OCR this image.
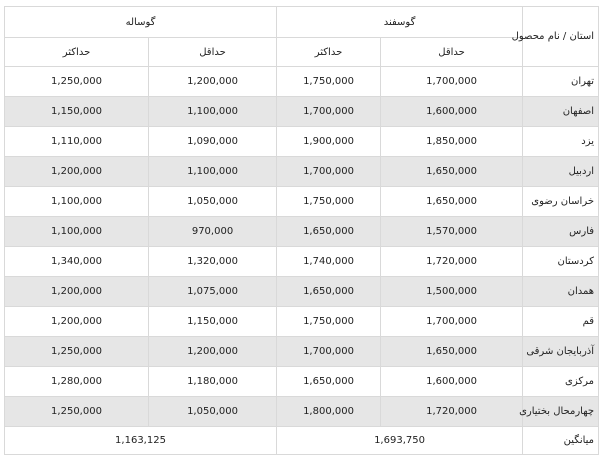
استان / نام محصول	گوسفند		گوساله	
	حداقل	حداکثر	حداقل	حداکثر
تهران	1,700,000	1,750,000	1,200,000	1,250,000
اصفهان	1,600,000	1,700,000	1,100,000	1,150,000
یزد	1,850,000	1,900,000	1,090,000	1,110,000
اردبیل	1,650,000	1,700,000	1,100,000	1,200,000
خراسان رضوی	1,650,000	1,750,000	1,050,000	1,100,000
فارس	1,570,000	1,650,000	970,000	1,100,000
کردستان	1,720,000	1,740,000	1,320,000	1,340,000
همدان	1,500,000	1,650,000	1,075,000	1,200,000
قم	1,700,000	1,750,000	1,150,000	1,200,000
آذربایجان شرقی	1,650,000	1,700,000	1,200,000	1,250,000
مرکزی	1,600,000	1,650,000	1,180,000	1,280,000
چهارمحال بختیاری	1,720,000	1,800,000	1,050,000	1,250,000
میانگین	1,693,750		1,163,125	
